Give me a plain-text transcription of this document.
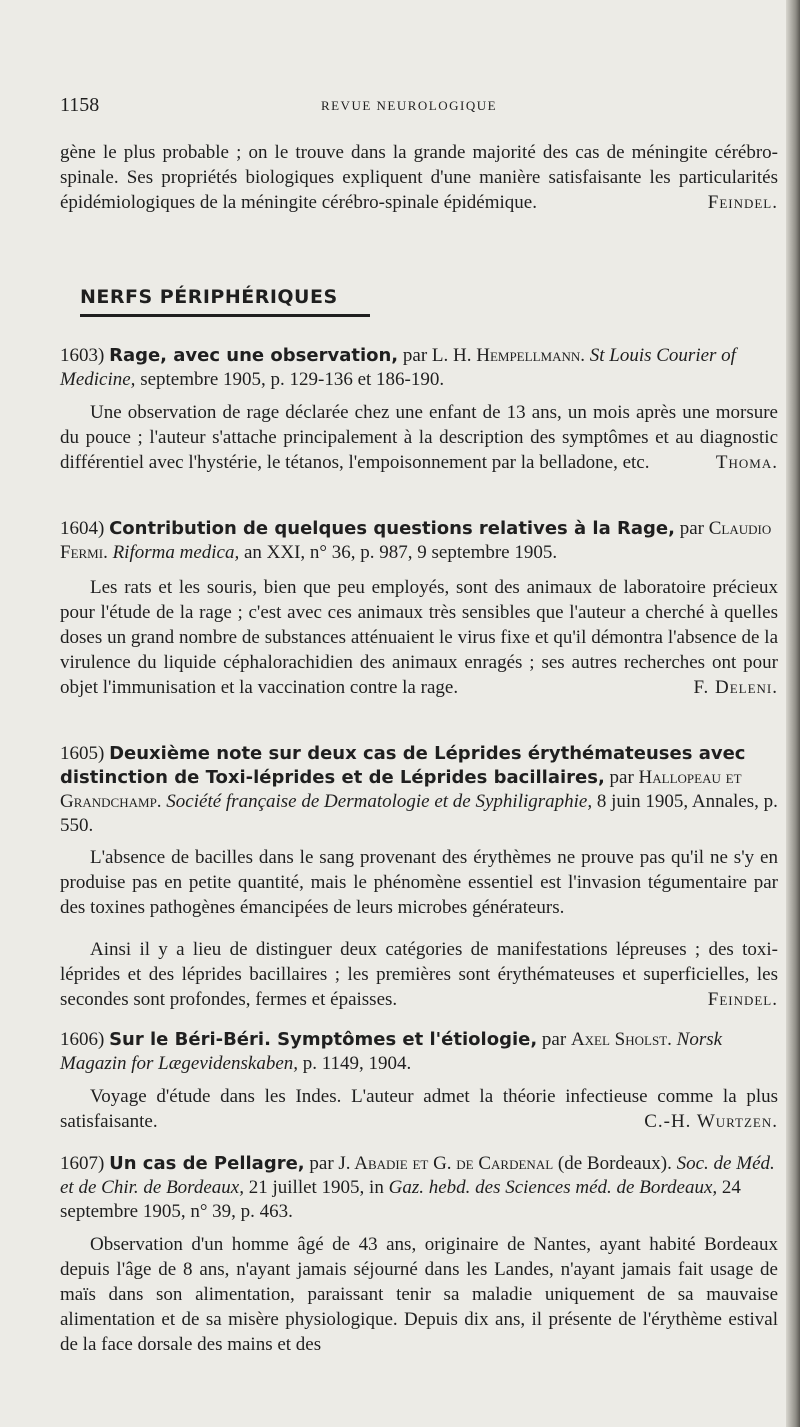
1158	REVUE NEUROLOGIQUE
gène le plus probable ; on le trouve dans la grande majorité des cas de méningite cérébro-spinale. Ses propriétés biologiques expliquent d'une manière satisfaisante les particularités épidémiologiques de la méningite cérébro-spinale épidémique.	Feindel.
NERFS PÉRIPHÉRIQUES
1603) Rage, avec une observation, par L. H. Hempellmann. St Louis Courier of Medicine, septembre 1905, p. 129-136 et 186-190.
Une observation de rage déclarée chez une enfant de 13 ans, un mois après une morsure du pouce ; l'auteur s'attache principalement à la description des symptômes et au diagnostic différentiel avec l'hystérie, le tétanos, l'empoisonnement par la belladone, etc.	Thoma.
1604) Contribution de quelques questions relatives à la Rage, par Claudio Fermi. Riforma medica, an XXI, n° 36, p. 987, 9 septembre 1905.
Les rats et les souris, bien que peu employés, sont des animaux de laboratoire précieux pour l'étude de la rage ; c'est avec ces animaux très sensibles que l'auteur a cherché à quelles doses un grand nombre de substances atténuaient le virus fixe et qu'il démontra l'absence de la virulence du liquide céphalorachidien des animaux enragés ; ses autres recherches ont pour objet l'immunisation et la vaccination contre la rage.	F. Deleni.
1605) Deuxième note sur deux cas de Léprides érythémateuses avec distinction de Toxi-léprides et de Léprides bacillaires, par Hallopeau et Grandchamp. Société française de Dermatologie et de Syphiligraphie, 8 juin 1905, Annales, p. 550.
L'absence de bacilles dans le sang provenant des érythèmes ne prouve pas qu'il ne s'y en produise pas en petite quantité, mais le phénomène essentiel est l'invasion tégumentaire par des toxines pathogènes émancipées de leurs microbes générateurs.
Ainsi il y a lieu de distinguer deux catégories de manifestations lépreuses ; des toxi-léprides et des léprides bacillaires ; les premières sont érythémateuses et superficielles, les secondes sont profondes, fermes et épaisses.	Feindel.
1606) Sur le Béri-Béri. Symptômes et l'étiologie, par Axel Sholst. Norsk Magazin for Lægevidenskaben, p. 1149, 1904.
Voyage d'étude dans les Indes. L'auteur admet la théorie infectieuse comme la plus satisfaisante.	C.-H. Wurtzen.
1607) Un cas de Pellagre, par J. Abadie et G. de Cardenal (de Bordeaux). Soc. de Méd. et de Chir. de Bordeaux, 21 juillet 1905, in Gaz. hebd. des Sciences méd. de Bordeaux, 24 septembre 1905, n° 39, p. 463.
Observation d'un homme âgé de 43 ans, originaire de Nantes, ayant habité Bordeaux depuis l'âge de 8 ans, n'ayant jamais séjourné dans les Landes, n'ayant jamais fait usage de maïs dans son alimentation, paraissant tenir sa maladie uniquement de sa mauvaise alimentation et de sa misère physiologique. Depuis dix ans, il présente de l'érythème estival de la face dorsale des mains et des
